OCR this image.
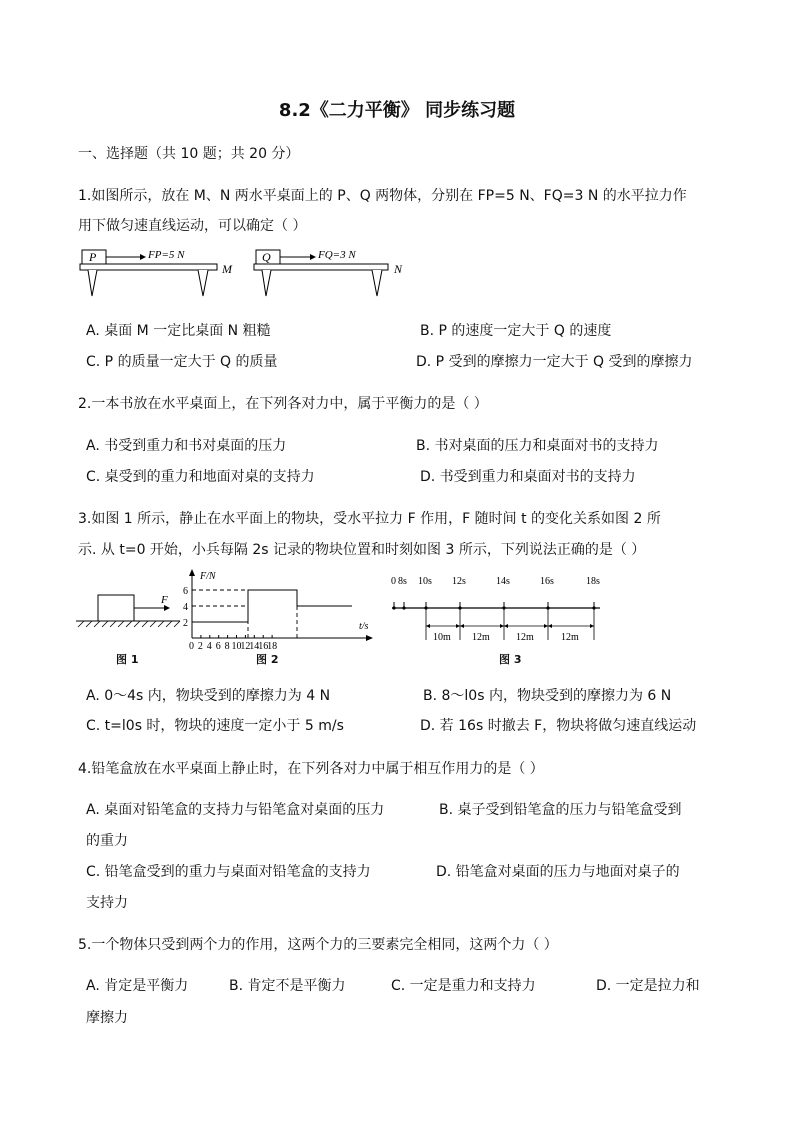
8.2《二力平衡》 同步练习题
一、选择题（共 10 题；共 20 分）
1.如图所示，放在 M、N 两水平桌面上的 P、Q 两物体，分别在 FP=5 N、FQ=3 N 的水平拉力作
用下做匀速直线运动，可以确定（ ）
P	FP=5 N
M
Q	FQ=3 N
N
A. 桌面 M 一定比桌面 N 粗糙	B. P 的速度一定大于 Q 的速度
C. P 的质量一定大于 Q 的质量	D. P 受到的摩擦力一定大于 Q 受到的摩擦力
2.一本书放在水平桌面上，在下列各对力中，属于平衡力的是（ ）
A. 书受到重力和书对桌面的压力	B. 书对桌面的压力和桌面对书的支持力
C. 桌受到的重力和地面对桌的支持力	D. 书受到重力和桌面对书的支持力
3.如图 1 所示，静止在水平面上的物块，受水平拉力 F 作用，F 随时间 t 的变化关系如图 2 所
示. 从 t=0 开始，小兵每隔 2s 记录的物块位置和时刻如图 3 所示，下列说法正确的是（ ）
F
图 1
F/N
t/s
6
4
2
0 2 4 6 8 10
12
14
16
18
图 2
0 8s 10s 12s	14s	16s	18s
10m 12m	12m	12m
图 3
A. 0～4s 内，物块受到的摩擦力为 4 N	B. 8～l0s 内，物块受到的摩擦力为 6 N
C. t=l0s 时，物块的速度一定小于 5 m/s	D. 若 16s 时撤去 F，物块将做匀速直线运动
4.铅笔盒放在水平桌面上静止时，在下列各对力中属于相互作用力的是（ ）
A. 桌面对铅笔盒的支持力与铅笔盒对桌面的压力	B. 桌子受到铅笔盒的压力与铅笔盒受到
的重力
C. 铅笔盒受到的重力与桌面对铅笔盒的支持力	D. 铅笔盒对桌面的压力与地面对桌子的
支持力
5.一个物体只受到两个力的作用，这两个力的三要素完全相同，这两个力（ ）
A. 肯定是平衡力	B. 肯定不是平衡力	C. 一定是重力和支持力	D. 一定是拉力和
摩擦力
